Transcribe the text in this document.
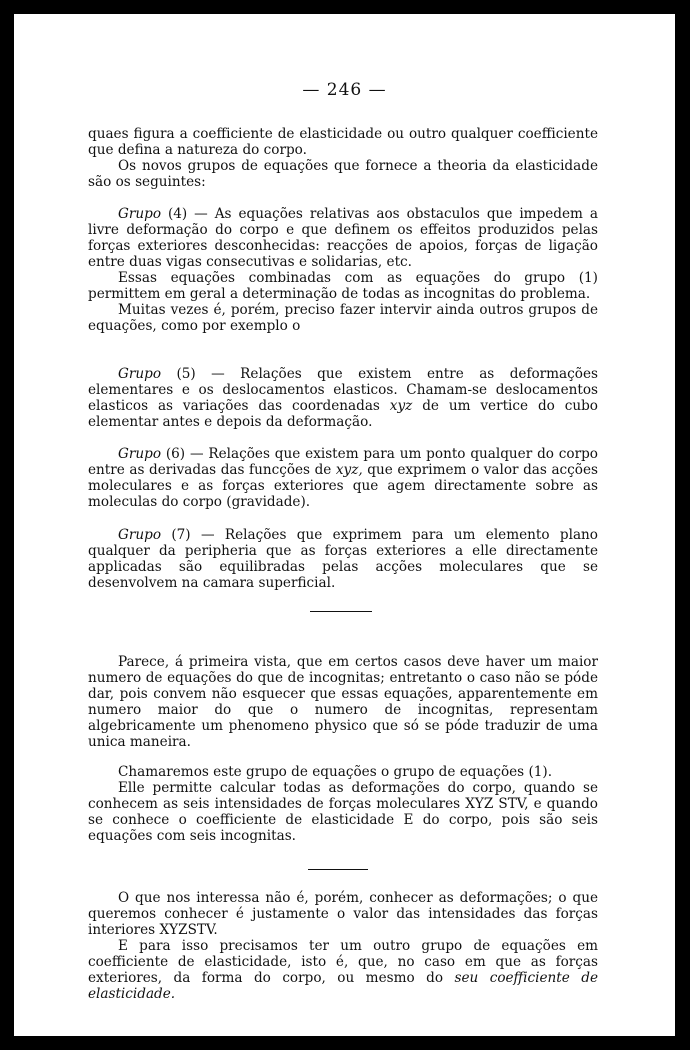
— 246 —

quaes figura a coefficiente de elasticidade ou outro qualquer coefficiente que defina a natureza do corpo.

Os novos grupos de equações que fornece a theoria da elasticidade são os seguintes:

Grupo (4) — As equações relativas aos obstaculos que impedem a livre deformação do corpo e que definem os effeitos produzidos pelas forças exteriores desconhecidas: reacções de apoios, forças de ligação entre duas vigas consecutivas e solidarias, etc.

Essas equações combinadas com as equações do grupo (1) permittem em geral a determinação de todas as incognitas do problema.

Muitas vezes é, porém, preciso fazer intervir ainda outros grupos de equações, como por exemplo o

Grupo (5) — Relações que existem entre as deformações elementares e os deslocamentos elasticos. Chamam-se deslocamentos elasticos as variações das coordenadas xyz de um vertice do cubo elementar antes e depois da deformação.

Grupo (6) — Relações que existem para um ponto qualquer do corpo entre as derivadas das funcções de xyz, que exprimem o valor das acções moleculares e as forças exteriores que agem directamente sobre as moleculas do corpo (gravidade).

Grupo (7) — Relações que exprimem para um elemento plano qualquer da peripheria que as forças exteriores a elle directamente applicadas são equilibradas pelas acções moleculares que se desenvolvem na camara superficial.

Parece, á primeira vista, que em certos casos deve haver um maior numero de equações do que de incognitas; entretanto o caso não se póde dar, pois convem não esquecer que essas equações, apparentemente em numero maior do que o numero de incognitas, representam algebricamente um phenomeno physico que só se póde traduzir de uma unica maneira.

Chamaremos este grupo de equações o grupo de equações (1).

Elle permitte calcular todas as deformações do corpo, quando se conhecem as seis intensidades de forças moleculares XYZ STV, e quando se conhece o coefficiente de elasticidade E do corpo, pois são seis equações com seis incognitas.

O que nos interessa não é, porém, conhecer as deformações; o que queremos conhecer é justamente o valor das intensidades das forças interiores XYZSTV.

E para isso precisamos ter um outro grupo de equações em coefficiente de elasticidade, isto é, que, no caso em que as forças exteriores, da forma do corpo, ou mesmo do seu coefficiente de elasticidade.
